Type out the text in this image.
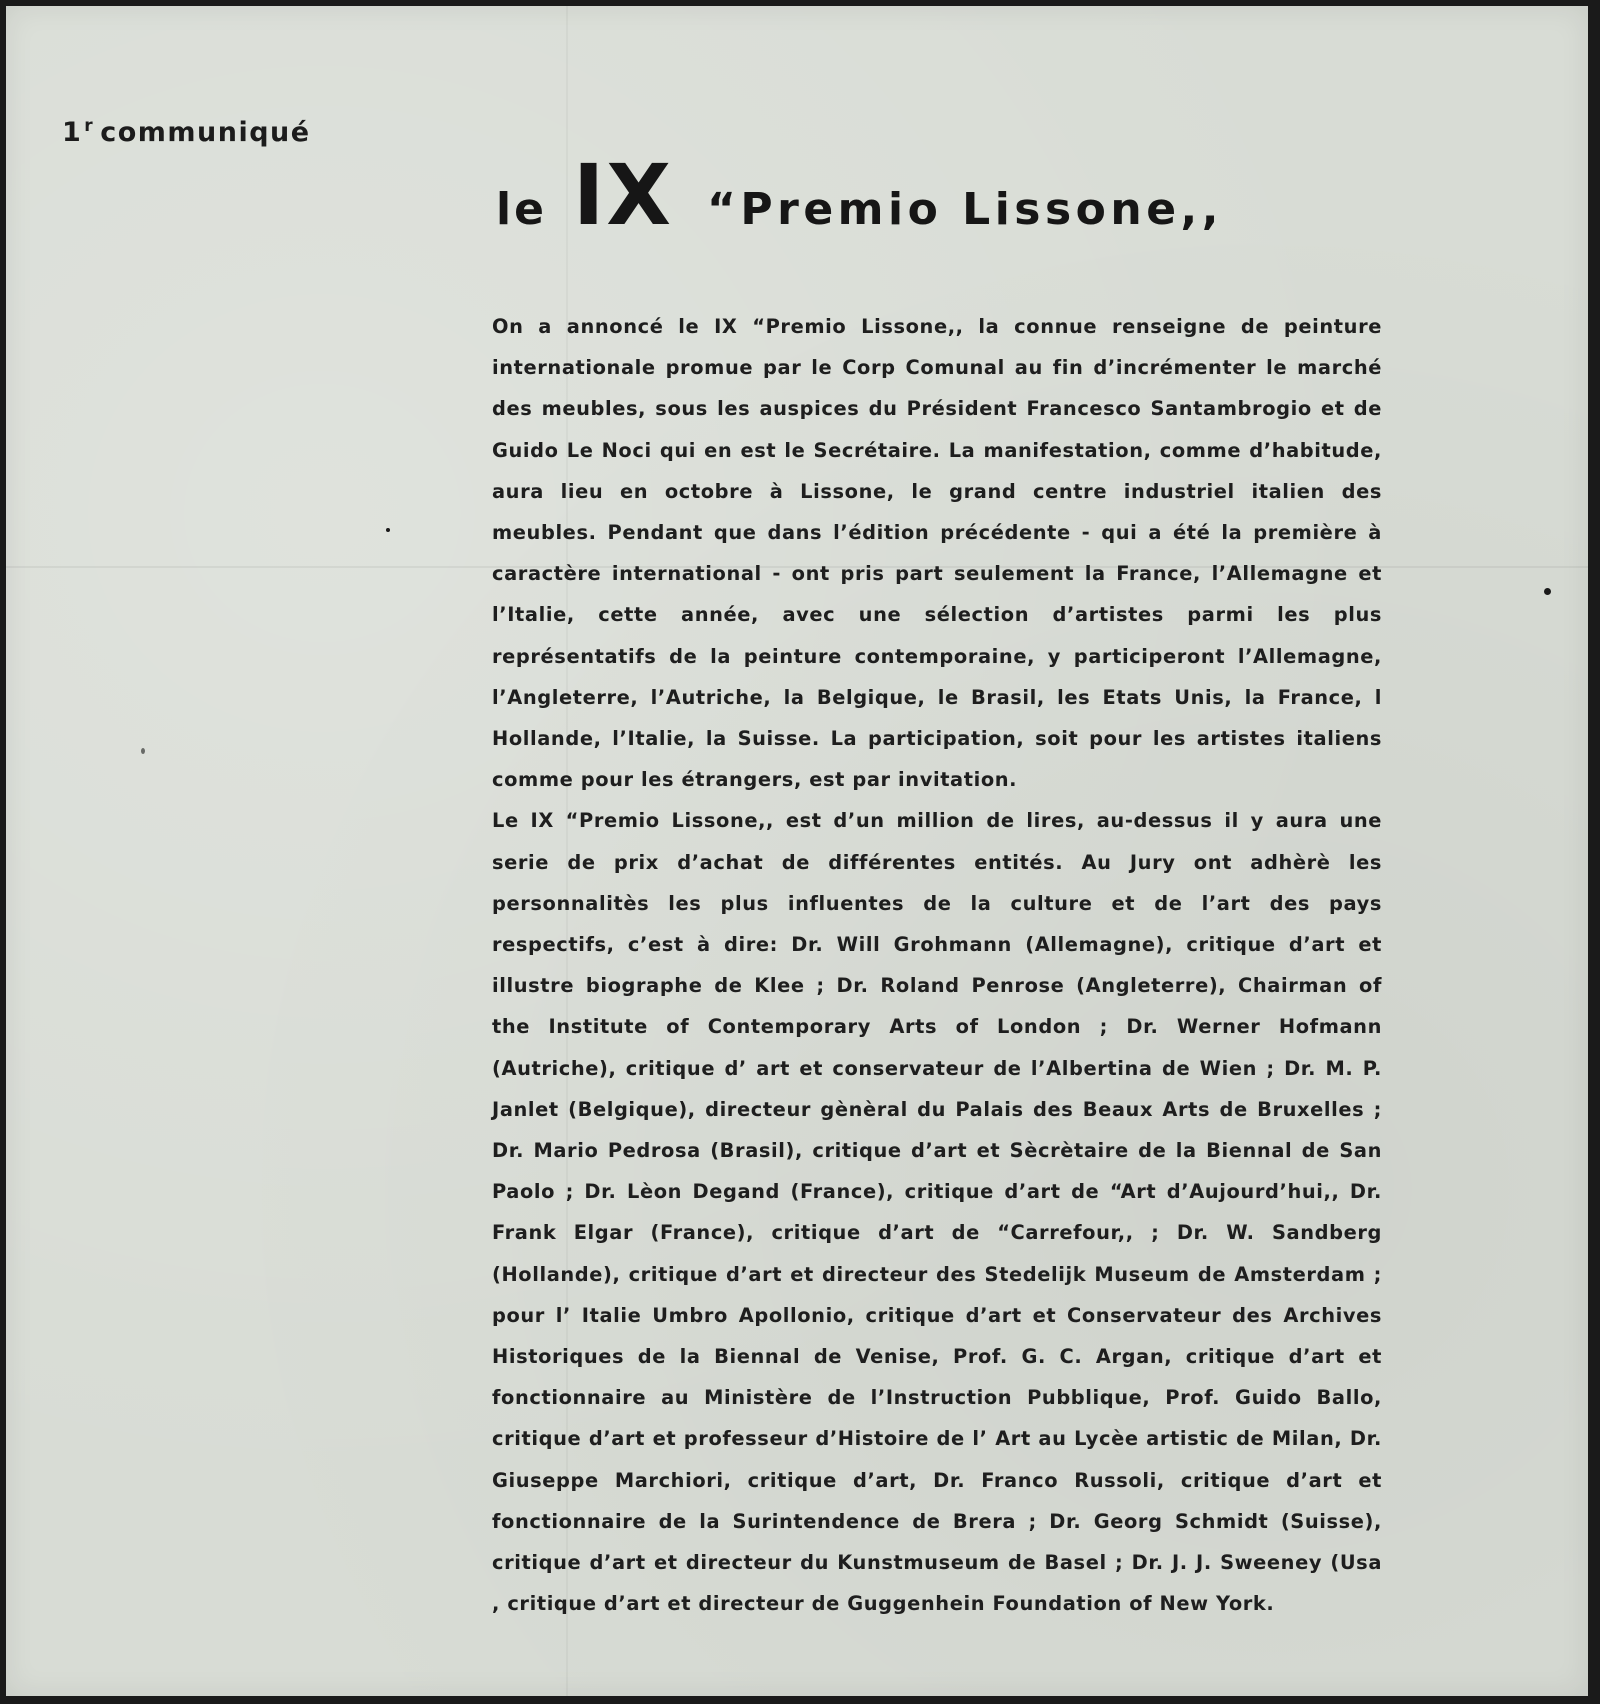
1 $^r$ communiqué
le IX “Premio Lissone,,

On a annoncé le IX “Premio Lissone,, la connue renseigne de peinture internationale promue par le Corp Comunal au fin d’incrémenter le marché des meubles, sous les auspices du Président Francesco Santambrogio et de Guido Le Noci qui en est le Secrétaire. La manifestation, comme d’habitude, aura lieu en octobre à Lissone, le grand centre industriel italien des meubles. Pendant que dans l’édition précédente - qui a été la première à caractère international - ont pris part seulement la France, l’Allemagne et l’Italie, cette année, avec une sélection d’artistes parmi les plus représentatifs de la peinture contemporaine, y participeront l’Allemagne, l’Angleterre, l’Autriche, la Belgique, le Brasil, les Etats Unis, la France, l Hollande, l’Italie, la Suisse. La participation, soit pour les artistes italiens comme pour les étrangers, est par invitation.

Le IX “Premio Lissone,, est d’un million de lires, au-dessus il y aura une serie de prix d’achat de différentes entités. Au Jury ont adhèrè les personnalitès les plus influentes de la culture et de l’art des pays respectifs, c’est à dire: Dr. Will Grohmann (Allemagne), critique d’art et illustre biographe de Klee ; Dr. Roland Penrose (Angleterre), Chairman of the Institute of Contemporary Arts of London ; Dr. Werner Hofmann (Autriche), critique d’ art et conservateur de l’Albertina de Wien ; Dr. M. P. Janlet (Belgique), directeur gènèral du Palais des Beaux Arts de Bruxelles ; Dr. Mario Pedrosa (Brasil), critique d’art et Sècrètaire de la Biennal de San Paolo ; Dr. Lèon Degand (France), critique d’art de “Art d’Aujourd’hui,, Dr. Frank Elgar (France), critique d’art de “Carrefour,, ; Dr. W. Sandberg (Hollande), critique d’art et directeur des Stedelijk Museum de Amsterdam ; pour l’ Italie Umbro Apollonio, critique d’art et Conservateur des Archives Historiques de la Biennal de Venise, Prof. G. C. Argan, critique d’art et fonctionnaire au Ministère de l’Instruction Pubblique, Prof. Guido Ballo, critique d’art et professeur d’Histoire de l’ Art au Lycèe artistic de Milan, Dr. Giuseppe Marchiori, critique d’art, Dr. Franco Russoli, critique d’art et fonctionnaire de la Surintendence de Brera ; Dr. Georg Schmidt (Suisse), critique d’art et directeur du Kunstmuseum de Basel ; Dr. J. J. Sweeney (Usa , critique d’art et directeur de Guggenhein Foundation of New York.
